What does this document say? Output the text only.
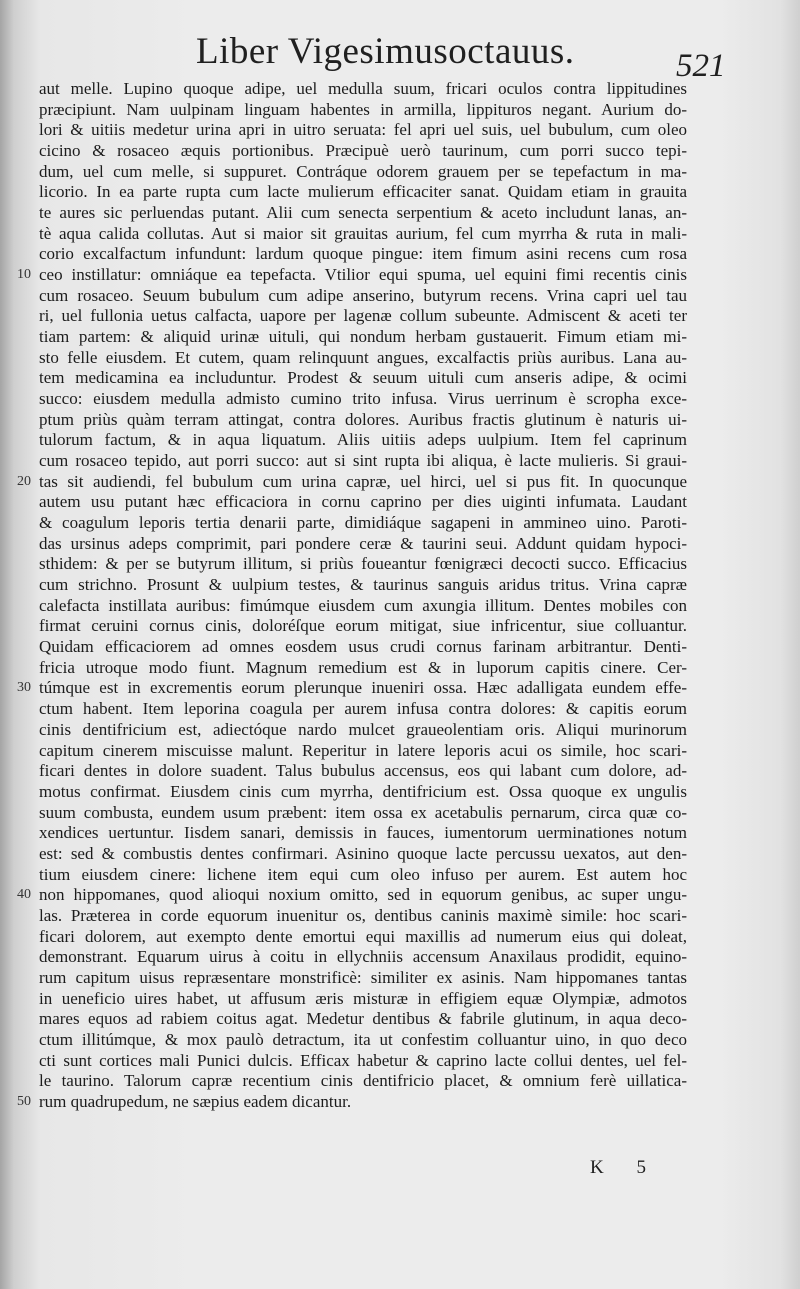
Liber Vigesimusoctauus.	521
aut melle. Lupino quoque adipe, uel medulla suum, fricari oculos contra lippitudines
præcipiunt. Nam uulpinam linguam habentes in armilla, lippituros negant. Aurium do-
lori & uitiis medetur urina apri in uitro seruata: fel apri uel suis, uel bubulum, cum oleo
cicino & rosaceo æquis portionibus. Præcipuè uerò taurinum, cum porri succo tepi-
dum, uel cum melle, si suppuret. Contráque odorem grauem per se tepefactum in ma-
licorio. In ea parte rupta cum lacte mulierum efficaciter sanat. Quidam etiam in grauita
te aures sic perluendas putant. Alii cum senecta serpentium & aceto includunt lanas, an-
tè aqua calida collutas. Aut si maior sit grauitas aurium, fel cum myrrha & ruta in mali-
corio excalfactum infundunt: lardum quoque pingue: item fimum asini recens cum rosa
10 ceo instillatur: omniáque ea tepefacta. Vtilior equi spuma, uel equini fimi recentis cinis
cum rosaceo. Seuum bubulum cum adipe anserino, butyrum recens. Vrina capri uel tau
ri, uel fullonia uetus calfacta, uapore per lagenæ collum subeunte. Admiscent & aceti ter
tiam partem: & aliquid urinæ uituli, qui nondum herbam gustauerit. Fimum etiam mi-
sto felle eiusdem. Et cutem, quam relinquunt angues, excalfactis priùs auribus. Lana au-
tem medicamina ea includuntur. Prodest & seuum uituli cum anseris adipe, & ocimi
succo: eiusdem medulla admisto cumino trito infusa. Virus uerrinum è scropha exce-
ptum priùs quàm terram attingat, contra dolores. Auribus fractis glutinum è naturis ui-
tulorum factum, & in aqua liquatum. Aliis uitiis adeps uulpium. Item fel caprinum
cum rosaceo tepido, aut porri succo: aut si sint rupta ibi aliqua, è lacte mulieris. Si graui-
20 tas sit audiendi, fel bubulum cum urina capræ, uel hirci, uel si pus fit. In quocunque
autem usu putant hæc efficaciora in cornu caprino per dies uiginti infumata. Laudant
& coagulum leporis tertia denarii parte, dimidiáque sagapeni in ammineo uino. Paroti-
das ursinus adeps comprimit, pari pondere ceræ & taurini seui. Addunt quidam hypoci-
sthidem: & per se butyrum illitum, si priùs foueantur fœnigræci decocti succo. Efficacius
cum strichno. Prosunt & uulpium testes, & taurinus sanguis aridus tritus. Vrina capræ
calefacta instillata auribus: fimúmque eiusdem cum axungia illitum. Dentes mobiles con
firmat ceruini cornus cinis, doloréſque eorum mitigat, siue infricentur, siue colluantur.
Quidam efficaciorem ad omnes eosdem usus crudi cornus farinam arbitrantur. Denti-
fricia utroque modo fiunt. Magnum remedium est & in luporum capitis cinere. Cer-
30 túmque est in excrementis eorum plerunque inueniri ossa. Hæc adalligata eundem effe-
ctum habent. Item leporina coagula per aurem infusa contra dolores: & capitis eorum
cinis dentifricium est, adiectóque nardo mulcet graueolentiam oris. Aliqui murinorum
capitum cinerem miscuisse malunt. Reperitur in latere leporis acui os simile, hoc scari-
ficari dentes in dolore suadent. Talus bubulus accensus, eos qui labant cum dolore, ad-
motus confirmat. Eiusdem cinis cum myrrha, dentifricium est. Ossa quoque ex ungulis
suum combusta, eundem usum præbent: item ossa ex acetabulis pernarum, circa quæ co-
xendices uertuntur. Iisdem sanari, demissis in fauces, iumentorum uerminationes notum
est: sed & combustis dentes confirmari. Asinino quoque lacte percussu uexatos, aut den-
tium eiusdem cinere: lichene item equi cum oleo infuso per aurem. Est autem hoc
40 non hippomanes, quod alioqui noxium omitto, sed in equorum genibus, ac super ungu-
las. Præterea in corde equorum inuenitur os, dentibus caninis maximè simile: hoc scari-
ficari dolorem, aut exempto dente emortui equi maxillis ad numerum eius qui doleat,
demonstrant. Equarum uirus à coitu in ellychniis accensum Anaxilaus prodidit, equino-
rum capitum uisus repræsentare monstrificè: similiter ex asinis. Nam hippomanes tantas
in ueneficio uires habet, ut affusum æris misturæ in effigiem equæ Olympiæ, admotos
mares equos ad rabiem coitus agat. Medetur dentibus & fabrile glutinum, in aqua deco-
ctum illitúmque, & mox paulò detractum, ita ut confestim colluantur uino, in quo deco
cti sunt cortices mali Punici dulcis. Efficax habetur & caprino lacte collui dentes, uel fel-
le taurino. Talorum capræ recentium cinis dentifricio placet, & omnium ferè uillatica-
50 rum quadrupedum, ne sæpius eadem dicantur.
K 5
